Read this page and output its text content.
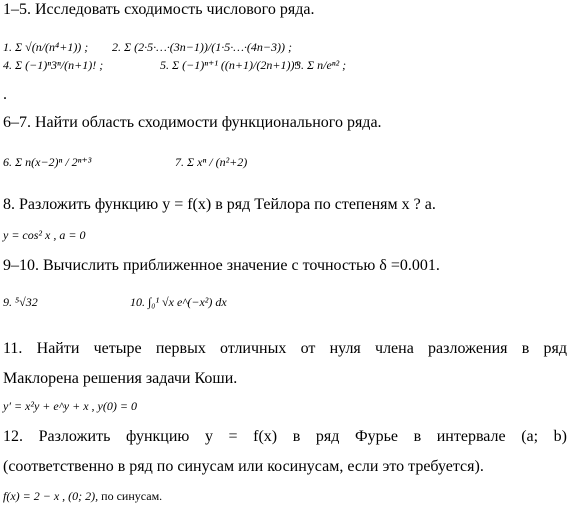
1–5. Исследовать сходимость числового ряда.
1. Σ √(n/(n⁴+1)) ; 2. Σ (2·5·…·(3n−1))/(1·5·…·(4n−3)) ;
3. Σ n/eⁿ² ;
4. Σ (−1)ⁿ3ⁿ/(n+1)! ;	5. Σ (−1)ⁿ⁺¹ ((n+1)/(2n+1))ⁿ
.
6–7. Найти область сходимости функционального ряда.
6. Σ n(x−2)ⁿ / 2ⁿ⁺³	7. Σ xⁿ / (n²+2)
8. Разложить функцию y = f(x) в ряд Тейлора по степеням x ? a.
y = cos² x , a = 0
9–10. Вычислить приближенное значение с точностью δ =0.001.
9. ⁵√32	10. ∫₀¹ √x e^(−x²) dx
11. Найти четыре первых отличных от нуля члена разложения в ряд
Маклорена решения задачи Коши.
y′ = x²y + e^y + x , y(0) = 0
12. Разложить функцию y = f(x) в ряд Фурье в интервале (a; b)
(соответственно в ряд по синусам или косинусам, если это требуется).
f(x) = 2 − x , (0; 2), по синусам.
